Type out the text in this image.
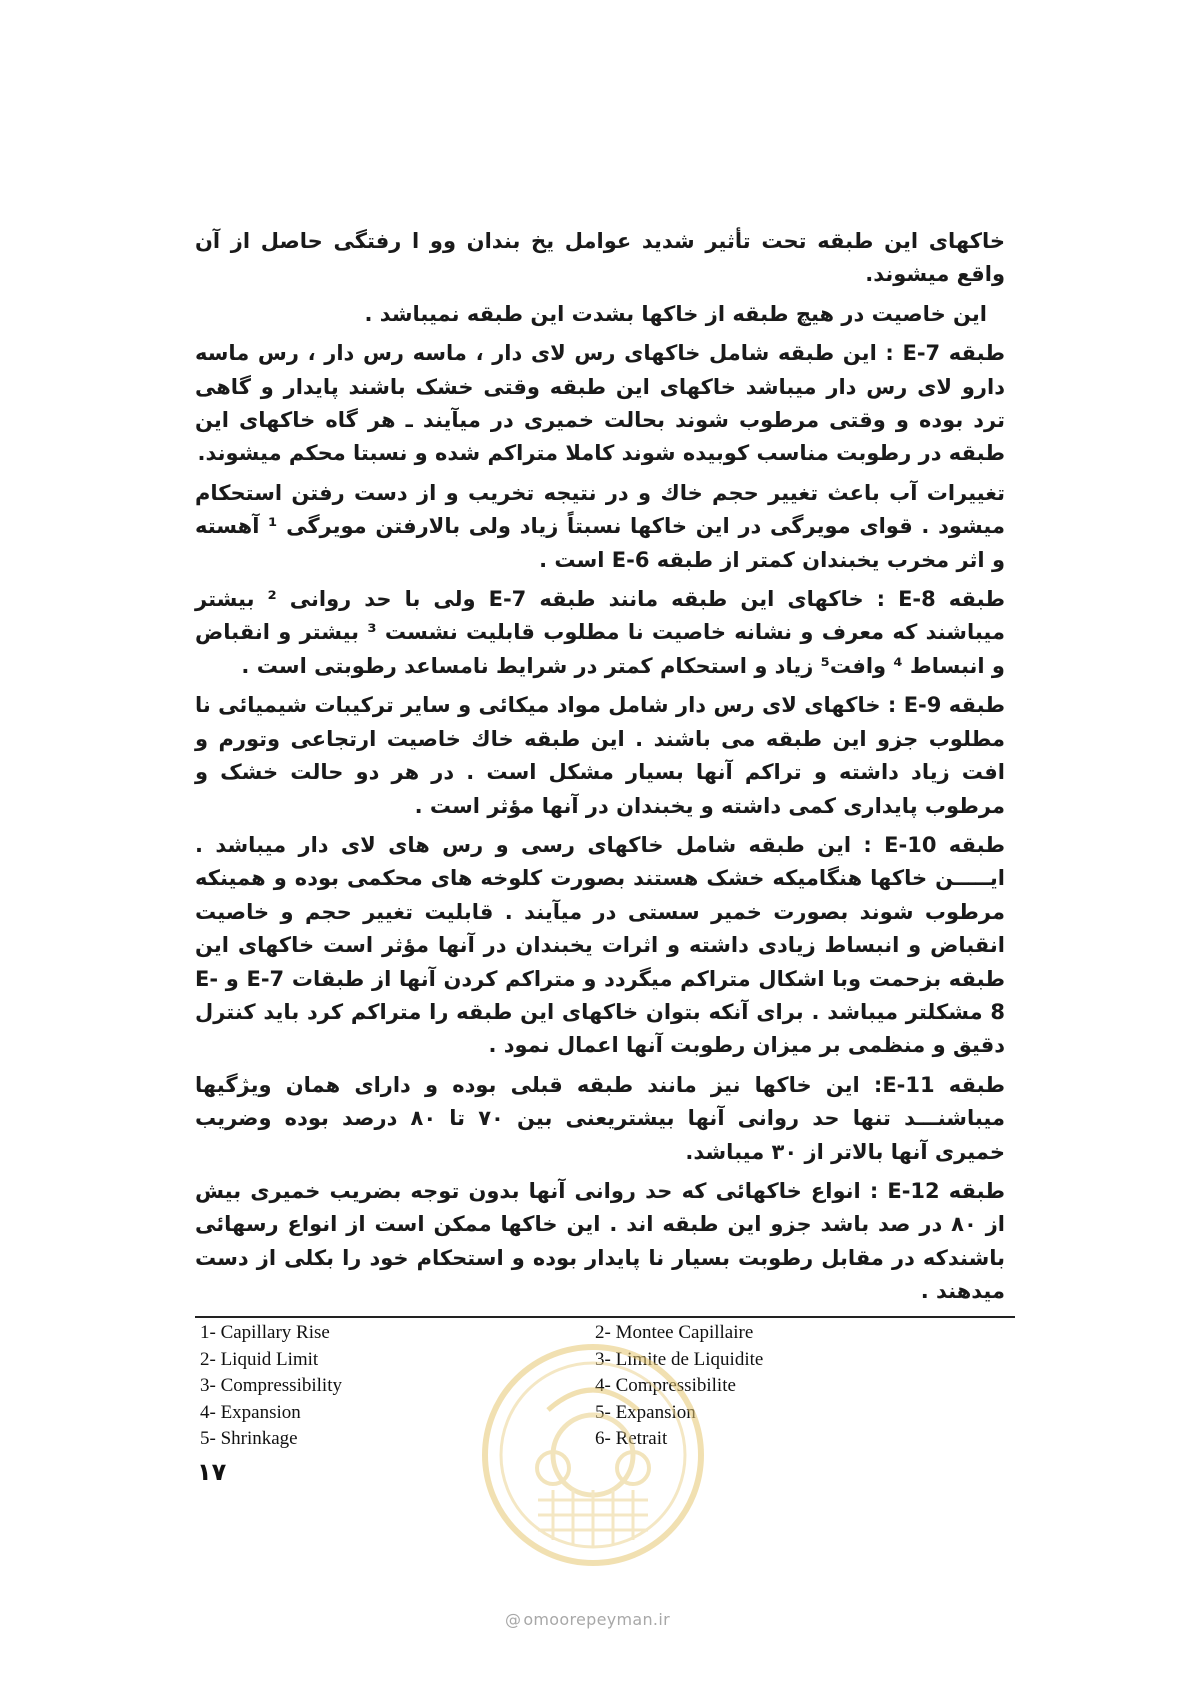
خاکهای این طبقه تحت تأثیر شدید عوامل یخ بندان وو ا رفتگی حاصل از آن واقع میشوند.

این خاصیت در هیچ طبقه از خاکها بشدت این طبقه نمیباشد .

طبقه E-7 : این طبقه شامل خاکهای رس لای دار ، ماسه رس دار ، رس ماسه دارو لای رس دار میباشد خاکهای این طبقه وقتی خشک باشند پایدار و گاهی ترد بوده و وقتی مرطوب شوند بحالت خمیری در میآیند ـ هر گاه خاکهای این طبقه در رطوبت مناسب کوبیده شوند کاملا متراکم شده و نسبتا محکم میشوند.

تغییرات آب باعث تغییر حجم خاك و در نتیجه تخریب و از دست رفتن استحکام میشود . قوای مویرگی در این خاکها نسبتاً زیاد ولی بالارفتن مویرگی ¹ آهسته و اثر مخرب یخبندان کمتر از طبقه E-6 است .

طبقه E-8 : خاکهای این طبقه مانند طبقه E-7 ولی با حد روانی ² بیشتر میباشند که معرف و نشانه خاصیت نا مطلوب قابلیت نشست ³ بیشتر و انقباض و انبساط ⁴ وافت⁵ زیاد و استحکام کمتر در شرایط نامساعد رطوبتی است .

طبقه E-9 : خاکهای لای رس دار شامل مواد میکائی و سایر ترکیبات شیمیائی نا مطلوب جزو این طبقه می باشند . این طبقه خاك خاصیت ارتجاعی وتورم و افت زیاد داشته و تراکم آنها بسیار مشکل است . در هر دو حالت خشک و مرطوب پایداری کمی داشته و یخبندان در آنها مؤثر است .

طبقه E-10 : این طبقه شامل خاکهای رسی و رس های لای دار میباشد . ایـــــن خاکها هنگامیکه خشک هستند بصورت کلوخه های محکمی بوده و همینکه مرطوب شوند بصورت خمیر سستی در میآیند . قابلیت تغییر حجم و خاصیت انقباض و انبساط زیادی داشته و اثرات یخبندان در آنها مؤثر است خاکهای این طبقه بزحمت وبا اشکال متراکم میگردد و متراکم کردن آنها از طبقات E-7 و E-8 مشکلتر میباشد . برای آنکه بتوان خاکهای این طبقه را متراکم کرد باید کنترل دقیق و منظمی بر میزان رطوبت آنها اعمال نمود .

طبقه E-11: این خاکها نیز مانند طبقه قبلی بوده و دارای همان ویژگیها میباشنـــد تنها حد روانی آنها بیشتریعنی بین ۷۰ تا ۸۰ درصد بوده وضریب خمیری آنها بالاتر از ۳۰ میباشد.

طبقه E-12 : انواع خاکهائی که حد روانی آنها بدون توجه بضریب خمیری بیش از ۸۰ در صد باشد جزو این طبقه اند . این خاکها ممکن است از انواع رسهائی باشندکه در مقابل رطوبت بسیار نا پایدار بوده و استحکام خود را بکلی از دست میدهند .

1- Capillary Rise
2- Liquid Limit
3- Compressibility
4- Expansion
5- Shrinkage
2- Montee Capillaire
3- Limite de Liquidite
4- Compressibilite
5- Expansion
6- Retrait
۱۷
@ omoorepeyman.ir
